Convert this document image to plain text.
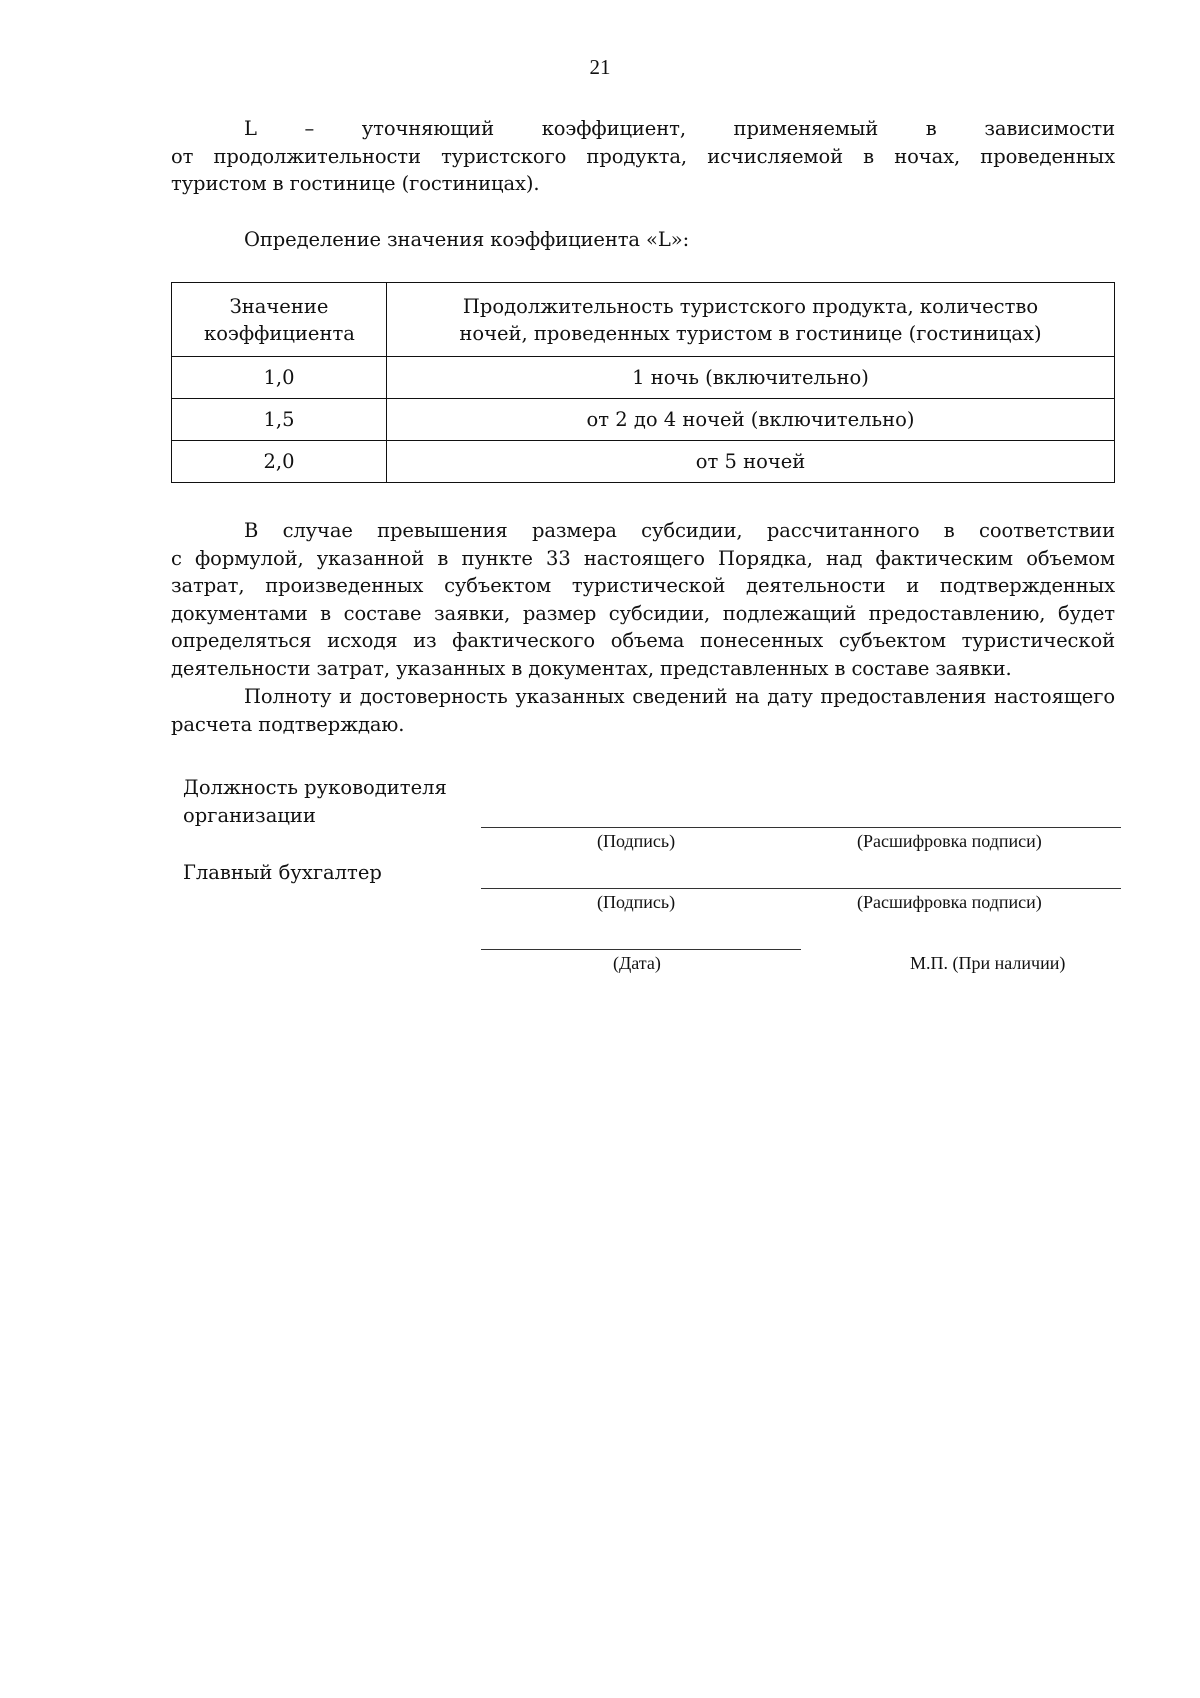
21

L – уточняющий коэффициент, применяемый в зависимости
от продолжительности туристского продукта, исчисляемой в ночах, проведенных
туристом в гостинице (гостиницах).

Определение значения коэффициента «L»:

Значение коэффициента	Продолжительность туристского продукта, количество ночей, проведенных туристом в гостинице (гостиницах)

1,0	1 ночь (включительно)
1,5	от 2 до 4 ночей (включительно)
2,0	от 5 ночей

В случае превышения размера субсидии, рассчитанного в соответствии
с формулой, указанной в пункте 33 настоящего Порядка, над фактическим объемом
затрат, произведенных субъектом туристической деятельности и подтвержденных
документами в составе заявки, размер субсидии, подлежащий предоставлению, будет
определяться исходя из фактического объема понесенных субъектом туристической
деятельности затрат, указанных в документах, представленных в составе заявки.

Полноту и достоверность указанных сведений на дату предоставления настоящего
расчета подтверждаю.

Должность руководителя организации
(Подпись)	(Расшифровка подписи)
Главный бухгалтер
(Подпись)	(Расшифровка подписи)
(Дата)	М.П. (При наличии)
